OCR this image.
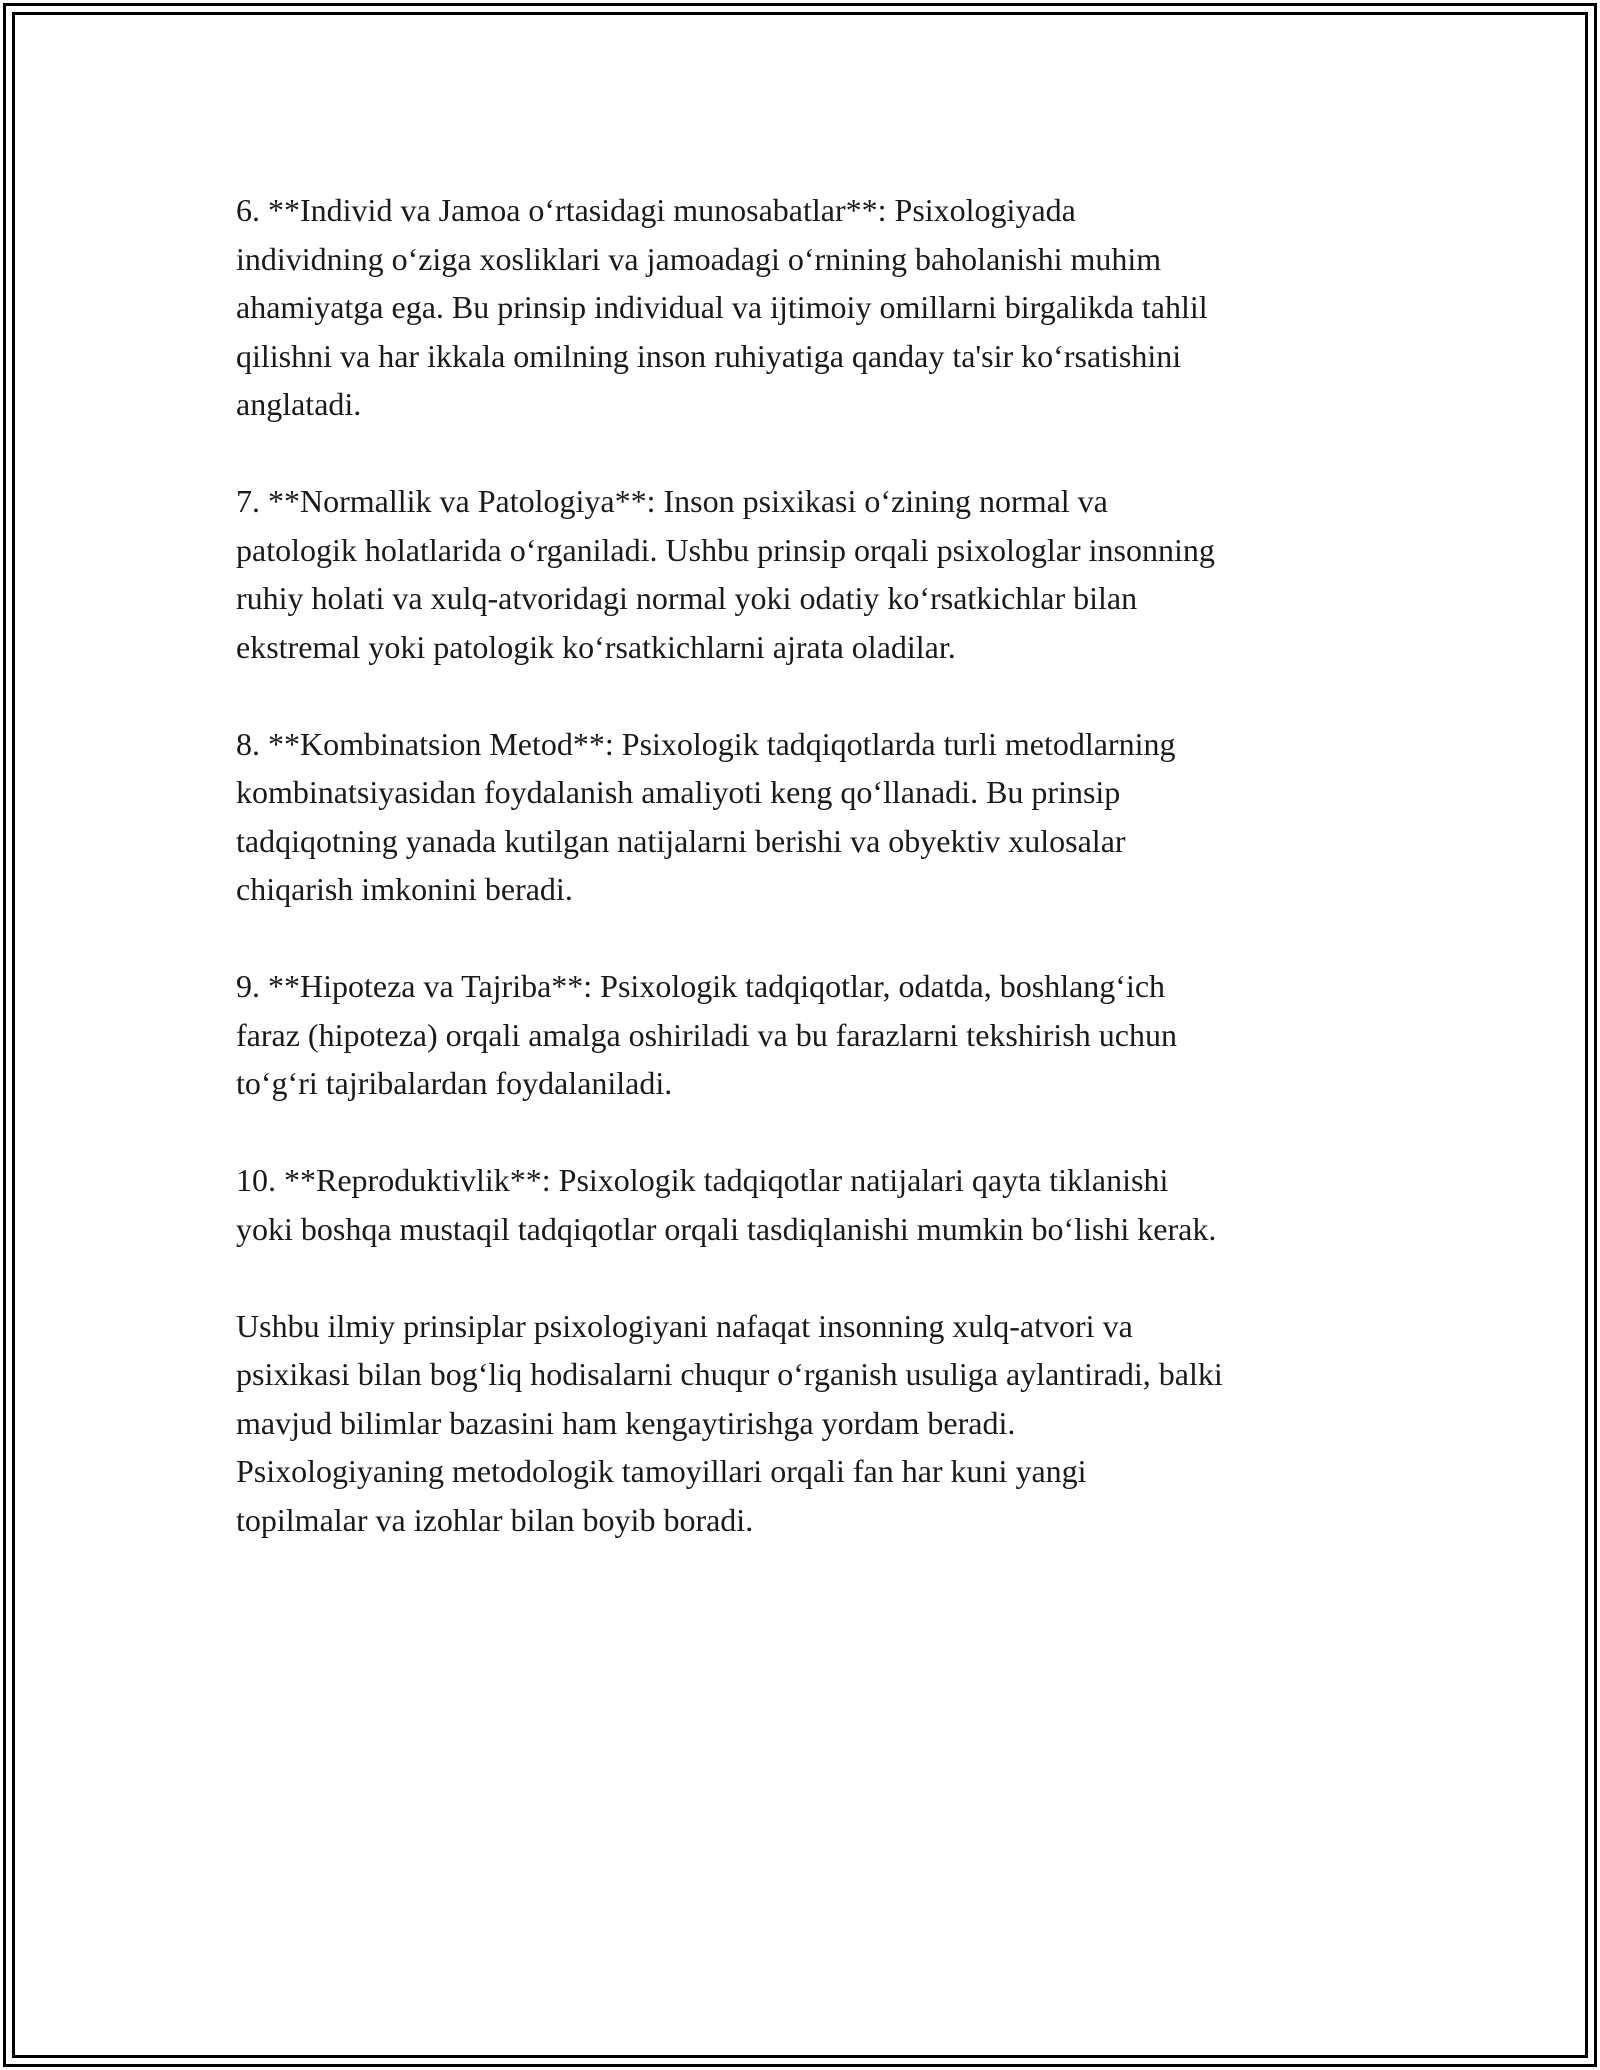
6. **Individ va Jamoa o‘rtasidagi munosabatlar**: Psixologiyada
individning o‘ziga xosliklari va jamoadagi o‘rnining baholanishi muhim
ahamiyatga ega. Bu prinsip individual va ijtimoiy omillarni birgalikda tahlil
qilishni va har ikkala omilning inson ruhiyatiga qanday ta'sir ko‘rsatishini
anglatadi.

7. **Normallik va Patologiya**: Inson psixikasi o‘zining normal va
patologik holatlarida o‘rganiladi. Ushbu prinsip orqali psixologlar insonning
ruhiy holati va xulq-atvoridagi normal yoki odatiy ko‘rsatkichlar bilan
ekstremal yoki patologik ko‘rsatkichlarni ajrata oladilar.

8. **Kombinatsion Metod**: Psixologik tadqiqotlarda turli metodlarning
kombinatsiyasidan foydalanish amaliyoti keng qo‘llanadi. Bu prinsip
tadqiqotning yanada kutilgan natijalarni berishi va obyektiv xulosalar
chiqarish imkonini beradi.

9. **Hipoteza va Tajriba**: Psixologik tadqiqotlar, odatda, boshlang‘ich
faraz (hipoteza) orqali amalga oshiriladi va bu farazlarni tekshirish uchun
to‘g‘ri tajribalardan foydalaniladi.

10. **Reproduktivlik**: Psixologik tadqiqotlar natijalari qayta tiklanishi
yoki boshqa mustaqil tadqiqotlar orqali tasdiqlanishi mumkin bo‘lishi kerak.

Ushbu ilmiy prinsiplar psixologiyani nafaqat insonning xulq-atvori va
psixikasi bilan bog‘liq hodisalarni chuqur o‘rganish usuliga aylantiradi, balki
mavjud bilimlar bazasini ham kengaytirishga yordam beradi.
Psixologiyaning metodologik tamoyillari orqali fan har kuni yangi
topilmalar va izohlar bilan boyib boradi.
